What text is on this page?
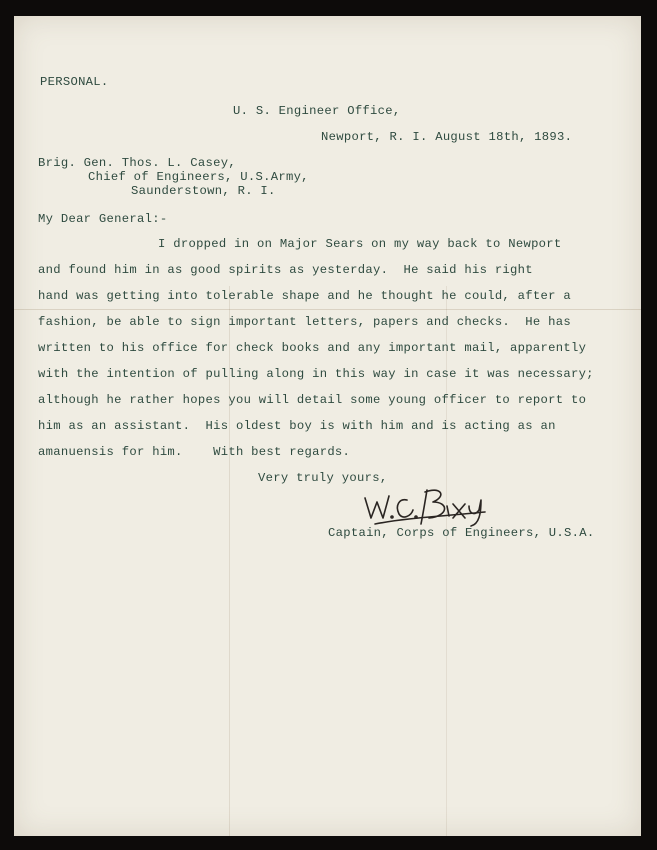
PERSONAL.
U. S. Engineer Office,
Newport, R. I. August 18th, 1893.
Brig. Gen. Thos. L. Casey,
Chief of Engineers, U.S.Army,
Saunderstown, R. I.
My Dear General:-
I dropped in on Major Sears on my way back to Newport
and found him in as good spirits as yesterday.  He said his right
hand was getting into tolerable shape and he thought he could, after a
fashion, be able to sign important letters, papers and checks.  He has
written to his office for check books and any important mail, apparently
with the intention of pulling along in this way in case it was necessary;
although he rather hopes you will detail some young officer to report to
him as an assistant.  His oldest boy is with him and is acting as an
amanuensis for him.    With best regards.
Very truly yours,
Captain, Corps of Engineers, U.S.A.
